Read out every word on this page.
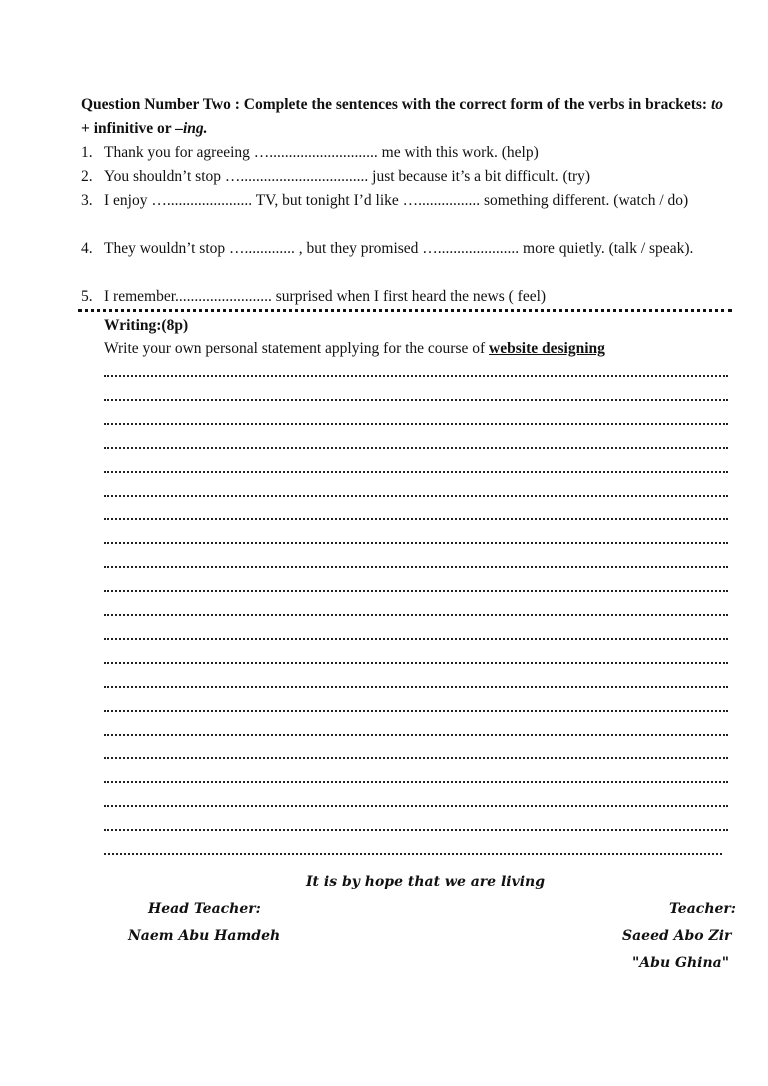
Question Number Two : Complete the sentences with the correct form of the verbs in brackets: to + infinitive or –ing.
1. Thank you for agreeing …............................ me with this work. (help)
2. You shouldn’t stop …................................. just because it’s a bit difficult. (try)
3. I enjoy …...................... TV, but tonight I’d like …................ something different. (watch / do)
4. They wouldn’t stop …............. , but they promised …..................... more quietly. (talk / speak).
5. I remember......................... surprised when I first heard the news ( feel)
Writing:(8p)
Write your own personal statement applying for the course of website designing
It is by hope that we are living
Head Teacher:
Naem Abu Hamdeh
Teacher:
Saeed Abo Zir
"Abu Ghina"
